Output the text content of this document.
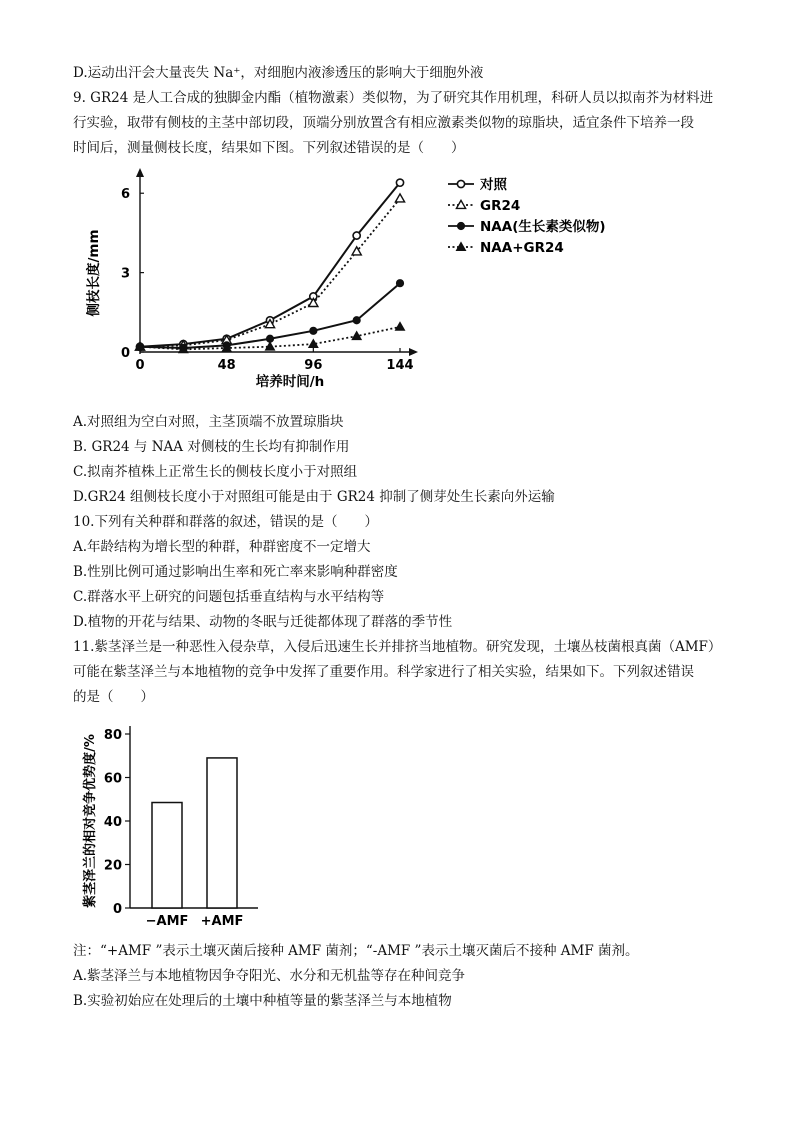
D.运动出汗会大量丧失 Na⁺，对细胞内液渗透压的影响大于细胞外液
9. GR24 是人工合成的独脚金内酯（植物激素）类似物，为了研究其作用机理，科研人员以拟南芥为材料进
行实验，取带有侧枝的主茎中部切段，顶端分别放置含有相应激素类似物的琼脂块，适宜条件下培养一段
时间后，测量侧枝长度，结果如下图。下列叙述错误的是（　　）
0	48	96	144
0
3
6
培养时间/h
侧枝长度/mm
对照
GR24
NAA(生长素类似物)
NAA+GR24
A.对照组为空白对照，主茎顶端不放置琼脂块
B. GR24 与 NAA 对侧枝的生长均有抑制作用
C.拟南芥植株上正常生长的侧枝长度小于对照组
D.GR24 组侧枝长度小于对照组可能是由于 GR24 抑制了侧芽处生长素向外运输
10.下列有关种群和群落的叙述，错误的是（　　）
A.年龄结构为增长型的种群，种群密度不一定增大
B.性别比例可通过影响出生率和死亡率来影响种群密度
C.群落水平上研究的问题包括垂直结构与水平结构等
D.植物的开花与结果、动物的冬眠与迁徙都体现了群落的季节性
11.紫茎泽兰是一种恶性入侵杂草，入侵后迅速生长并排挤当地植物。研究发现，土壤丛枝菌根真菌（AMF）
可能在紫茎泽兰与本地植物的竞争中发挥了重要作用。科学家进行了相关实验，结果如下。下列叙述错误
的是（　　）
0
20
40
60
80
−AMF +AMF
紫茎泽兰的相对竞争优势度/%
注：“+AMF ”表示土壤灭菌后接种 AMF 菌剂；“-AMF ”表示土壤灭菌后不接种 AMF 菌剂。
A.紫茎泽兰与本地植物因争夺阳光、水分和无机盐等存在种间竞争
B.实验初始应在处理后的土壤中种植等量的紫茎泽兰与本地植物
